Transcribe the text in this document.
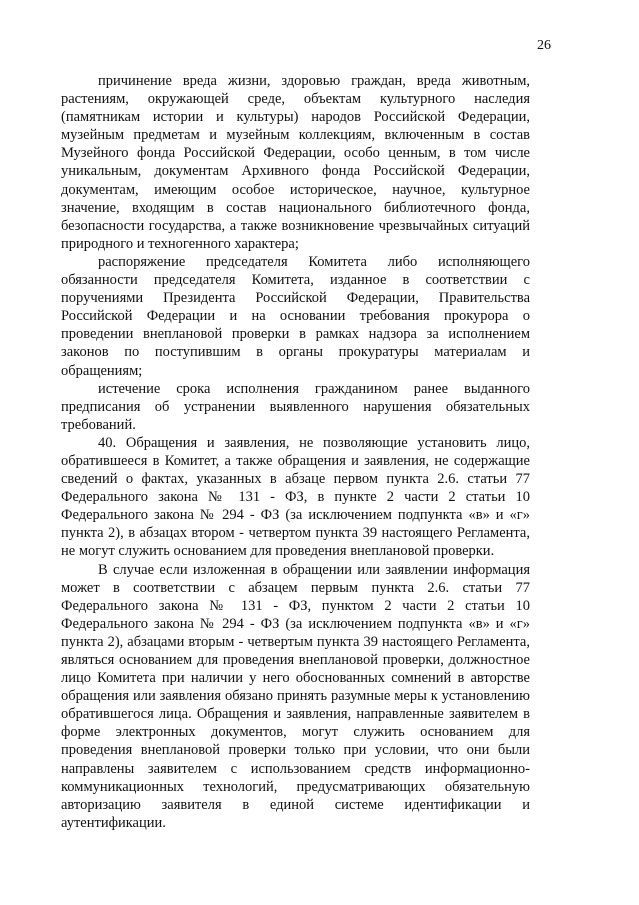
26

причинение вреда жизни, здоровью граждан, вреда животным, растениям, окружающей среде, объектам культурного наследия (памятникам истории и культуры) народов Российской Федерации, музейным предметам и музейным коллекциям, включенным в состав Музейного фонда Российской Федерации, особо ценным, в том числе уникальным, документам Архивного фонда Российской Федерации, документам, имеющим особое историческое, научное, культурное значение, входящим в состав национального библиотечного фонда, безопасности государства, а также возникновение чрезвычайных ситуаций природного и техногенного характера;

распоряжение председателя Комитета либо исполняющего обязанности председателя Комитета, изданное в соответствии с поручениями Президента Российской Федерации, Правительства Российской Федерации и на основании требования прокурора о проведении внеплановой проверки в рамках надзора за исполнением законов по поступившим в органы прокуратуры материалам и обращениям;

истечение срока исполнения гражданином ранее выданного предписания об устранении выявленного нарушения обязательных требований.

40. Обращения и заявления, не позволяющие установить лицо, обратившееся в Комитет, а также обращения и заявления, не содержащие сведений о фактах, указанных в абзаце первом пункта 2.6. статьи 77 Федерального закона № 131 - ФЗ, в пункте 2 части 2 статьи 10 Федерального закона № 294 - ФЗ (за исключением подпункта «в» и «г» пункта 2), в абзацах втором - четвертом пункта 39 настоящего Регламента, не могут служить основанием для проведения внеплановой проверки.

В случае если изложенная в обращении или заявлении информация может в соответствии с абзацем первым пункта 2.6. статьи 77 Федерального закона № 131 - ФЗ, пунктом 2 части 2 статьи 10 Федерального закона № 294 - ФЗ (за исключением подпункта «в» и «г» пункта 2), абзацами вторым - четвертым пункта 39 настоящего Регламента, являться основанием для проведения внеплановой проверки, должностное лицо Комитета при наличии у него обоснованных сомнений в авторстве обращения или заявления обязано принять разумные меры к установлению обратившегося лица. Обращения и заявления, направленные заявителем в форме электронных документов, могут служить основанием для проведения внеплановой проверки только при условии, что они были направлены заявителем с использованием средств информационно-коммуникационных технологий, предусматривающих обязательную авторизацию заявителя в единой системе идентификации и аутентификации.
